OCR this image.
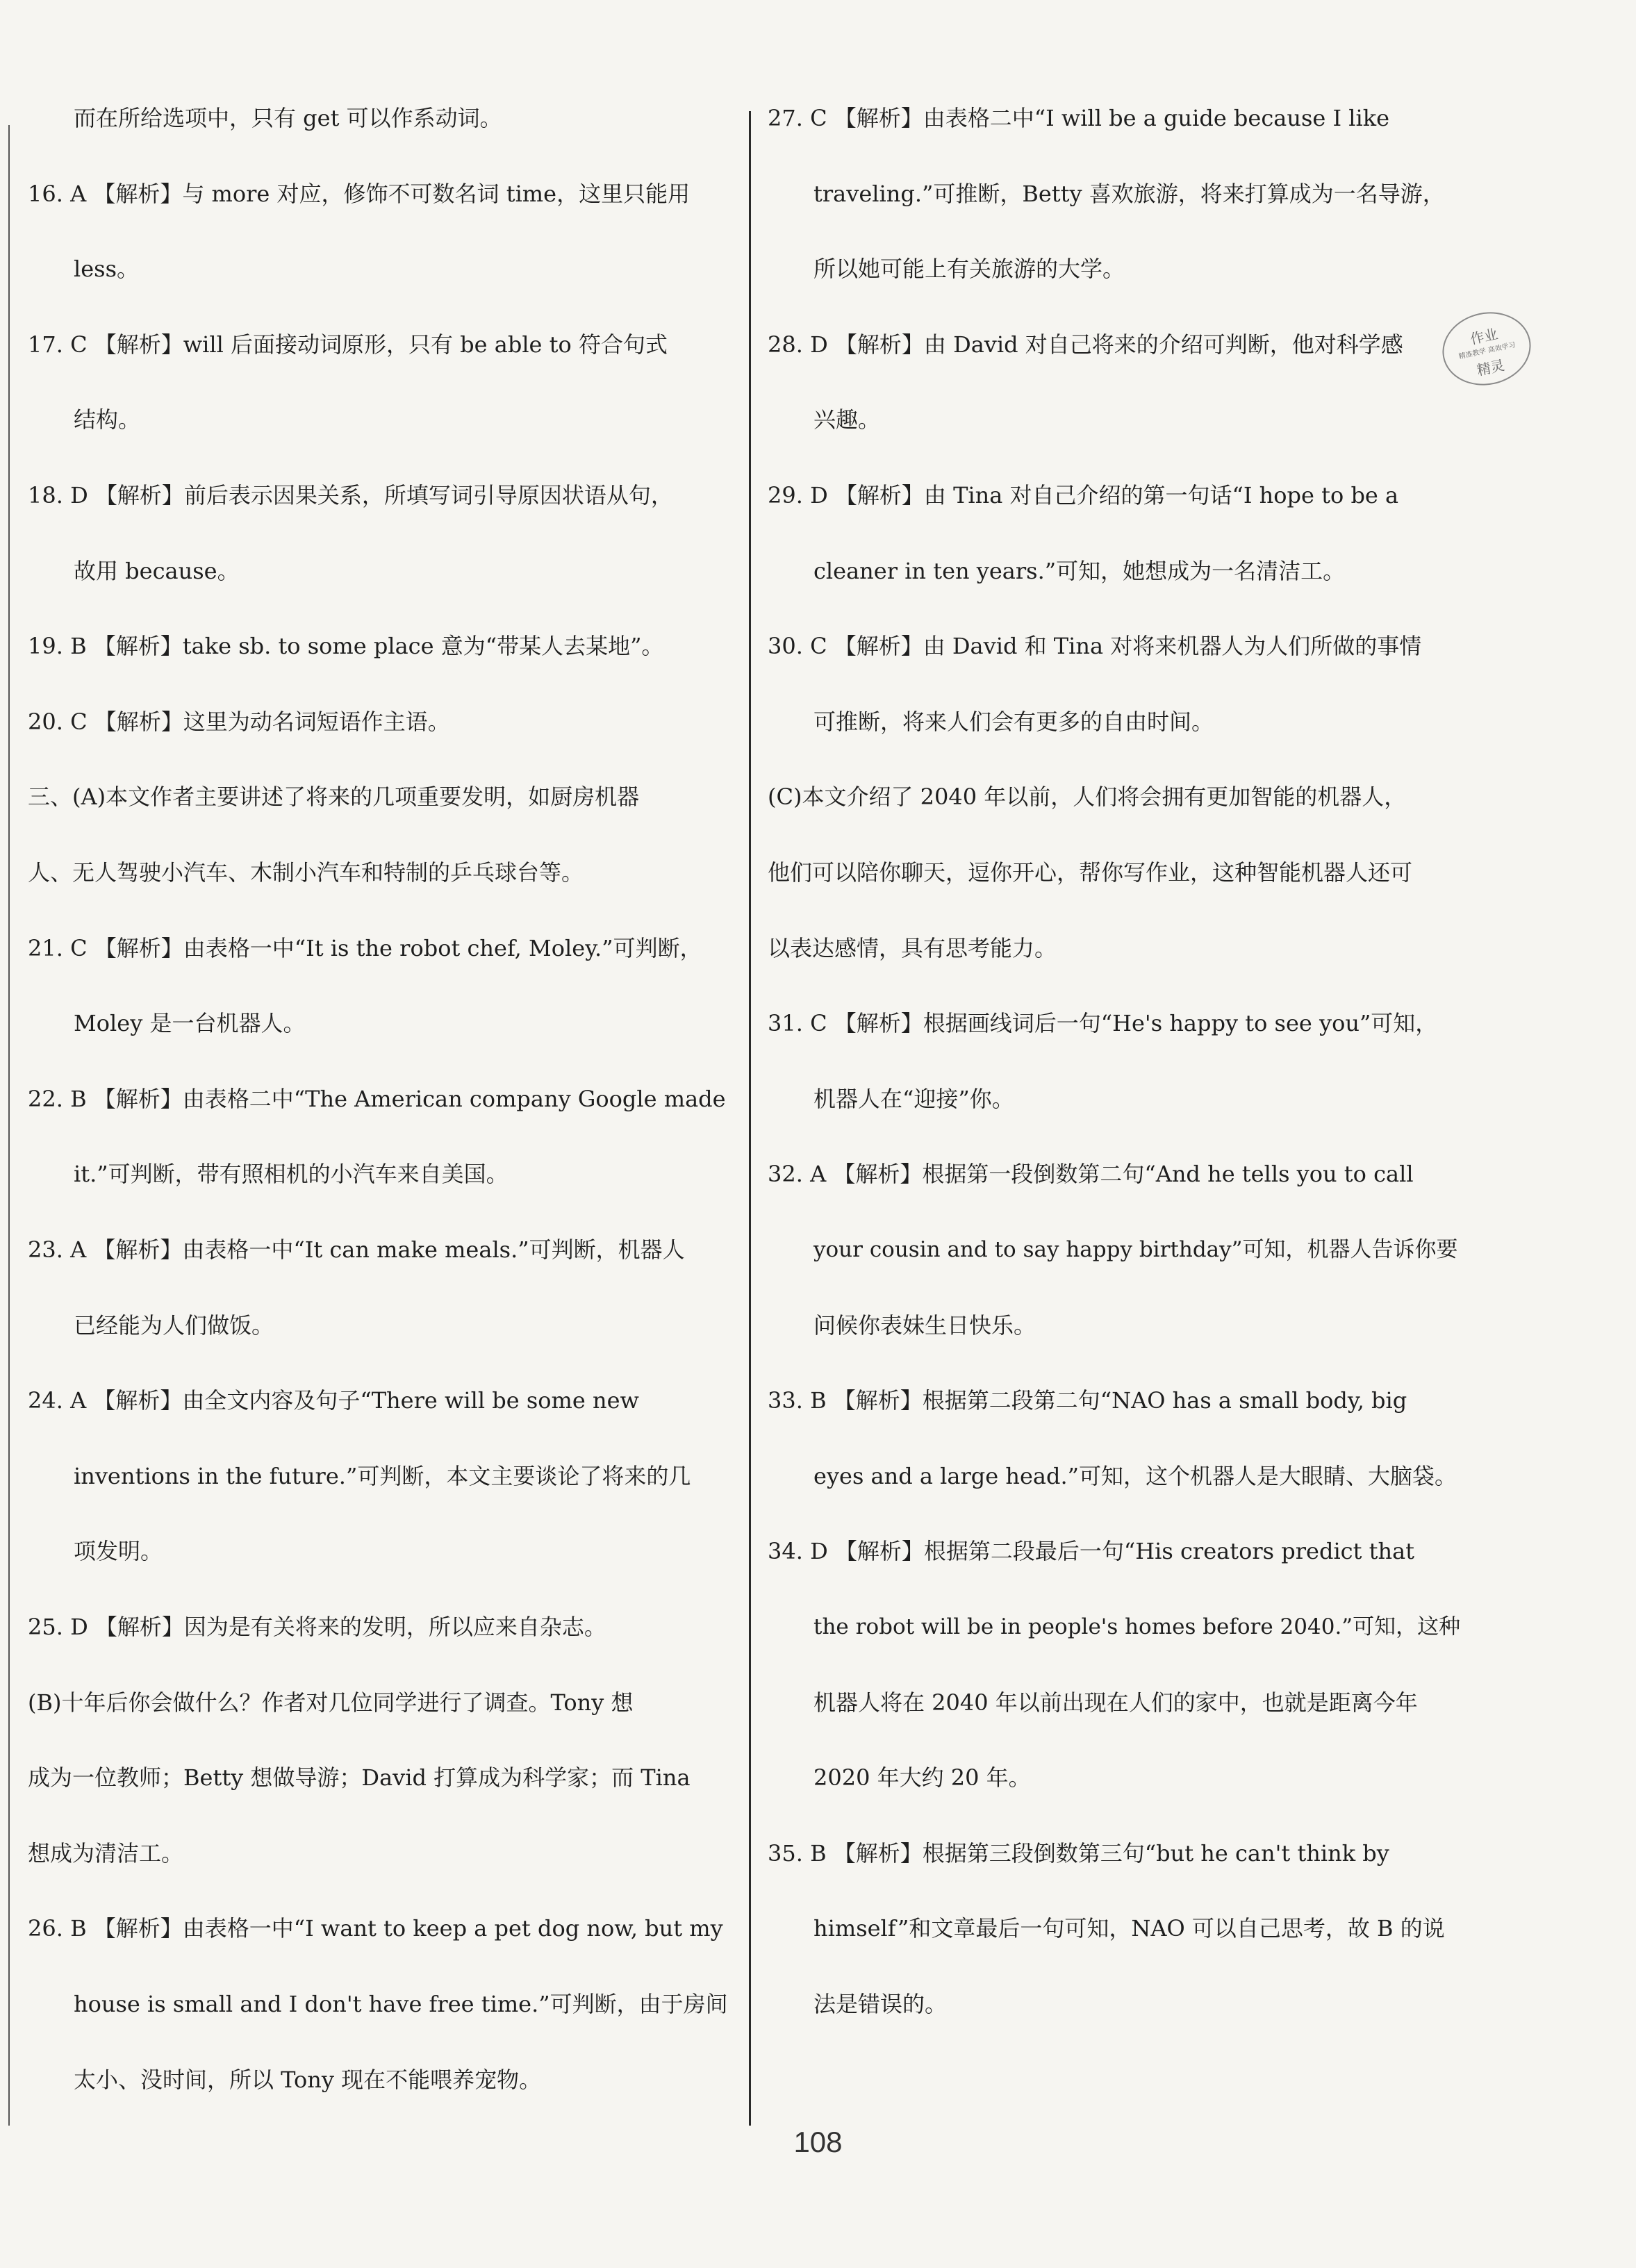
而在所给选项中，只有 get 可以作系动词。
16. A 【解析】与 more 对应，修饰不可数名词 time，这里只能用
less。
17. C 【解析】will 后面接动词原形，只有 be able to 符合句式
结构。
18. D 【解析】前后表示因果关系，所填写词引导原因状语从句，
故用 because。
19. B 【解析】take sb. to some place 意为“带某人去某地”。
20. C 【解析】这里为动名词短语作主语。
三、(A)本文作者主要讲述了将来的几项重要发明，如厨房机器
人、无人驾驶小汽车、木制小汽车和特制的乒乓球台等。
21. C 【解析】由表格一中“It is the robot chef, Moley.”可判断，
Moley 是一台机器人。
22. B 【解析】由表格二中“The American company Google made
it.”可判断，带有照相机的小汽车来自美国。
23. A 【解析】由表格一中“It can make meals.”可判断，机器人
已经能为人们做饭。
24. A 【解析】由全文内容及句子“There will be some new
inventions in the future.”可判断，本文主要谈论了将来的几
项发明。
25. D 【解析】因为是有关将来的发明，所以应来自杂志。
(B)十年后你会做什么？作者对几位同学进行了调查。Tony 想
成为一位教师；Betty 想做导游；David 打算成为科学家；而 Tina
想成为清洁工。
26. B 【解析】由表格一中“I want to keep a pet dog now, but my
house is small and I don't have free time.”可判断，由于房间
太小、没时间，所以 Tony 现在不能喂养宠物。
27. C 【解析】由表格二中“I will be a guide because I like
traveling.”可推断，Betty 喜欢旅游，将来打算成为一名导游，
所以她可能上有关旅游的大学。
28. D 【解析】由 David 对自己将来的介绍可判断，他对科学感
兴趣。
29. D 【解析】由 Tina 对自己介绍的第一句话“I hope to be a
cleaner in ten years.”可知，她想成为一名清洁工。
30. C 【解析】由 David 和 Tina 对将来机器人为人们所做的事情
可推断，将来人们会有更多的自由时间。
(C)本文介绍了 2040 年以前，人们将会拥有更加智能的机器人，
他们可以陪你聊天，逗你开心，帮你写作业，这种智能机器人还可
以表达感情，具有思考能力。
31. C 【解析】根据画线词后一句“He's happy to see you”可知，
机器人在“迎接”你。
32. A 【解析】根据第一段倒数第二句“And he tells you to call
your cousin and to say happy birthday”可知，机器人告诉你要
问候你表妹生日快乐。
33. B 【解析】根据第二段第二句“NAO has a small body, big
eyes and a large head.”可知，这个机器人是大眼睛、大脑袋。
34. D 【解析】根据第二段最后一句“His creators predict that
the robot will be in people's homes before 2040.”可知，这种
机器人将在 2040 年以前出现在人们的家中，也就是距离今年
2020 年大约 20 年。
35. B 【解析】根据第三段倒数第三句“but he can't think by
himself”和文章最后一句可知，NAO 可以自己思考，故 B 的说
法是错误的。
作业
精准教学 高效学习
精灵
108
